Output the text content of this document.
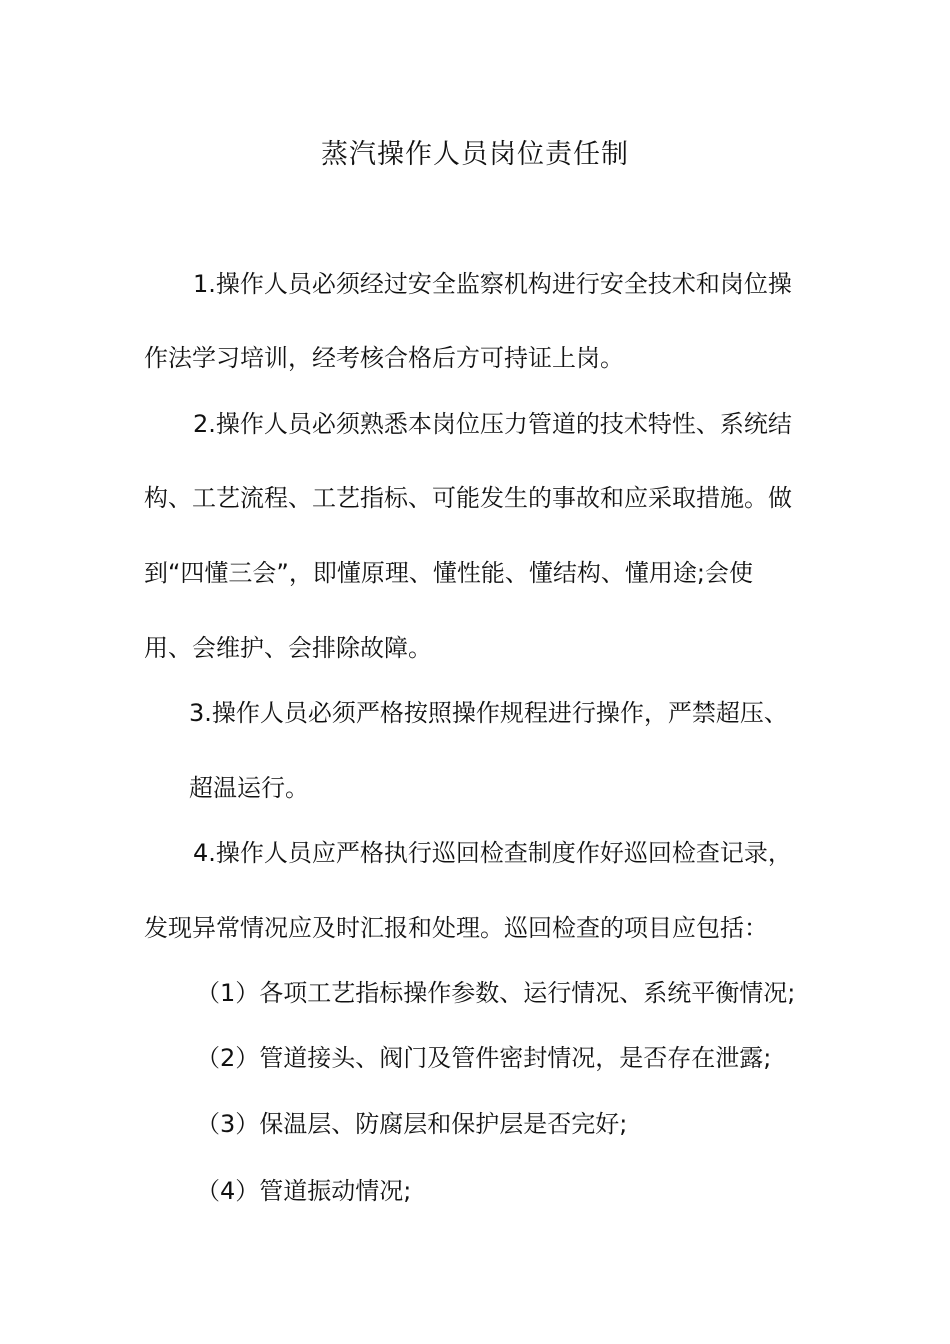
蒸汽操作人员岗位责任制
1.操作人员必须经过安全监察机构进行安全技术和岗位操
作法学习培训，经考核合格后方可持证上岗。
2.操作人员必须熟悉本岗位压力管道的技术特性、系统结
构、工艺流程、工艺指标、可能发生的事故和应采取措施。做
到“四懂三会”，即懂原理、懂性能、懂结构、懂用途;会使
用、会维护、会排除故障。
3.操作人员必须严格按照操作规程进行操作，严禁超压、
超温运行。
4.操作人员应严格执行巡回检查制度作好巡回检查记录，
发现异常情况应及时汇报和处理。巡回检查的项目应包括：
（1）各项工艺指标操作参数、运行情况、系统平衡情况;
（2）管道接头、阀门及管件密封情况，是否存在泄露;
（3）保温层、防腐层和保护层是否完好;
（4）管道振动情况;
